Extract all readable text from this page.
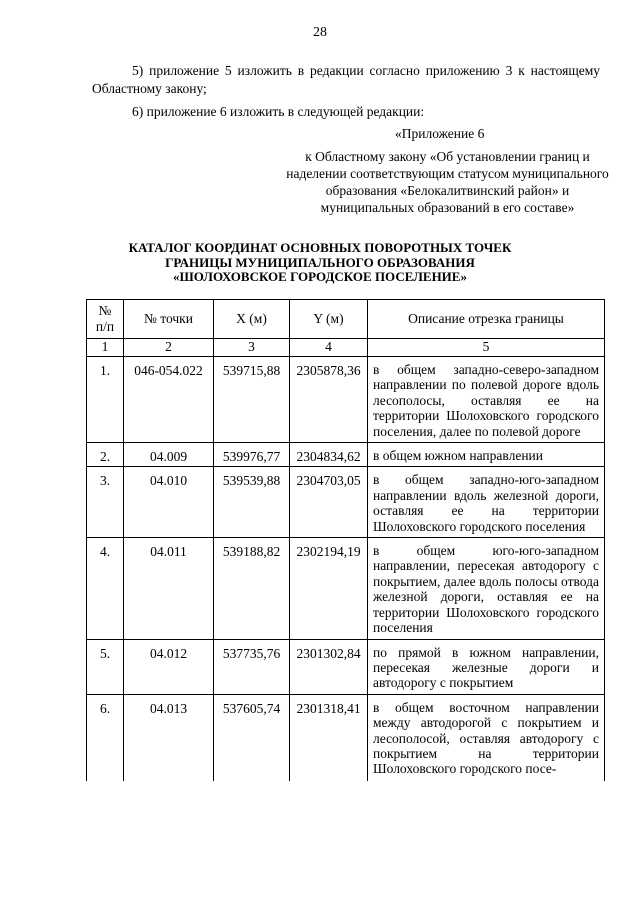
28
5) приложение 5 изложить в редакции согласно приложению 3 к настоящему Областному закону;
6) приложение 6 изложить в следующей редакции:
«Приложение 6
к Областному закону «Об установлении границ и наделении соответствующим статусом муниципального образования «Белокалитвинский район» и муниципальных образований в его составе»
КАТАЛОГ КООРДИНАТ ОСНОВНЫХ ПОВОРОТНЫХ ТОЧЕК
ГРАНИЦЫ МУНИЦИПАЛЬНОГО ОБРАЗОВАНИЯ
«ШОЛОХОВСКОЕ ГОРОДСКОЕ ПОСЕЛЕНИЕ»
№ п/п	№ точки	X (м)	Y (м)	Описание отрезка границы
1	2	3	4	5
1.	046-054.022	539715,88	2305878,36	в общем западно-северо-западном направлении по полевой дороге вдоль лесополосы, оставляя ее на территории Шолоховского городского поселения, далее по полевой дороге
2.	04.009	539976,77	2304834,62	в общем южном направлении
3.	04.010	539539,88	2304703,05	в общем западно-юго-западном направлении вдоль железной дороги, оставляя ее на территории Шолоховского городского поселения
4.	04.011	539188,82	2302194,19	в общем юго-юго-западном направлении, пересекая автодорогу с покрытием, далее вдоль полосы отвода железной дороги, оставляя ее на территории Шолоховского городского поселения
5.	04.012	537735,76	2301302,84	по прямой в южном направлении, пересекая железные дороги и автодорогу с покрытием
6.	04.013	537605,74	2301318,41	в общем восточном направлении между автодорогой с покрытием и лесополосой, оставляя автодорогу с покрытием на территории Шолоховского городского посе-
